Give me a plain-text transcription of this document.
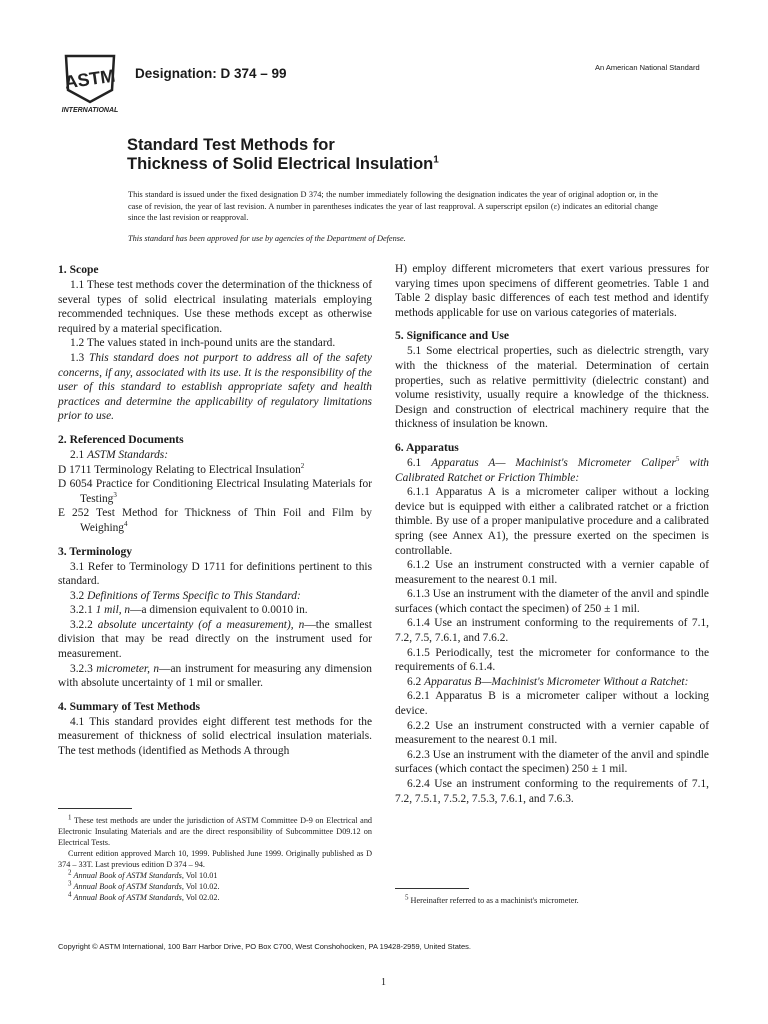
ASTM
INTERNATIONAL
Designation: D 374 – 99	An American National Standard
Standard Test Methods for
Thickness of Solid Electrical Insulation$^1$
This standard is issued under the fixed designation D 374; the number immediately following the designation indicates the year of original adoption or, in the case of revision, the year of last revision. A number in parentheses indicates the year of last reapproval. A superscript epsilon (ε) indicates an editorial change since the last revision or reapproval.
This standard has been approved for use by agencies of the Department of Defense.
1. Scope

1.1 These test methods cover the determination of the thickness of several types of solid electrical insulating materials employing recommended techniques. Use these methods except as otherwise required by a material specification.

1.2 The values stated in inch-pound units are the standard.

1.3 This standard does not purport to address all of the safety concerns, if any, associated with its use. It is the responsibility of the user of this standard to establish appropriate safety and health practices and determine the applicability of regulatory limitations prior to use.

2. Referenced Documents

2.1 ASTM Standards:

D 1711 Terminology Relating to Electrical Insulation$^2$

D 6054 Practice for Conditioning Electrical Insulating Materials for Testing$^3$

E 252 Test Method for Thickness of Thin Foil and Film by Weighing$^4$

3. Terminology

3.1 Refer to Terminology D 1711 for definitions pertinent to this standard.

3.2 Definitions of Terms Specific to This Standard:

3.2.1 1 mil, n—a dimension equivalent to 0.0010 in.

3.2.2 absolute uncertainty (of a measurement), n—the smallest division that may be read directly on the instrument used for measurement.

3.2.3 micrometer, n—an instrument for measuring any dimension with absolute uncertainty of 1 mil or smaller.

4. Summary of Test Methods

4.1 This standard provides eight different test methods for the measurement of thickness of solid electrical insulation materials. The test methods (identified as Methods A through

H) employ different micrometers that exert various pressures for varying times upon specimens of different geometries. Table 1 and Table 2 display basic differences of each test method and identify methods applicable for use on various categories of materials.

5. Significance and Use

5.1 Some electrical properties, such as dielectric strength, vary with the thickness of the material. Determination of certain properties, such as relative permittivity (dielectric constant) and volume resistivity, usually require a knowledge of the thickness. Design and construction of electrical machinery require that the thickness of insulation be known.

6. Apparatus

6.1 Apparatus A— Machinist's Micrometer Caliper$^5$ with Calibrated Ratchet or Friction Thimble:

6.1.1 Apparatus A is a micrometer caliper without a locking device but is equipped with either a calibrated ratchet or a friction thimble. By use of a proper manipulative procedure and a calibrated spring (see Annex A1), the pressure exerted on the specimen is controllable.

6.1.2 Use an instrument constructed with a vernier capable of measurement to the nearest 0.1 mil.

6.1.3 Use an instrument with the diameter of the anvil and spindle surfaces (which contact the specimen) of 250 ± 1 mil.

6.1.4 Use an instrument conforming to the requirements of 7.1, 7.2, 7.5, 7.6.1, and 7.6.2.

6.1.5 Periodically, test the micrometer for conformance to the requirements of 6.1.4.

6.2 Apparatus B—Machinist's Micrometer Without a Ratchet:

6.2.1 Apparatus B is a micrometer caliper without a locking device.

6.2.2 Use an instrument constructed with a vernier capable of measurement to the nearest 0.1 mil.

6.2.3 Use an instrument with the diameter of the anvil and spindle surfaces (which contact the specimen) 250 ± 1 mil.

6.2.4 Use an instrument conforming to the requirements of 7.1, 7.2, 7.5.1, 7.5.2, 7.5.3, 7.6.1, and 7.6.3.

$^1$ These test methods are under the jurisdiction of ASTM Committee D-9 on Electrical and Electronic Insulating Materials and are the direct responsibility of Subcommittee D09.12 on Electrical Tests.

Current edition approved March 10, 1999. Published June 1999. Originally published as D 374 – 33T. Last previous edition D 374 – 94.

$^2$ Annual Book of ASTM Standards, Vol 10.01

$^3$ Annual Book of ASTM Standards, Vol 10.02.

$^4$ Annual Book of ASTM Standards, Vol 02.02.	$^5$ Hereinafter referred to as a machinist's micrometer.

Copyright © ASTM International, 100 Barr Harbor Drive, PO Box C700, West Conshohocken, PA 19428-2959, United States.
1
